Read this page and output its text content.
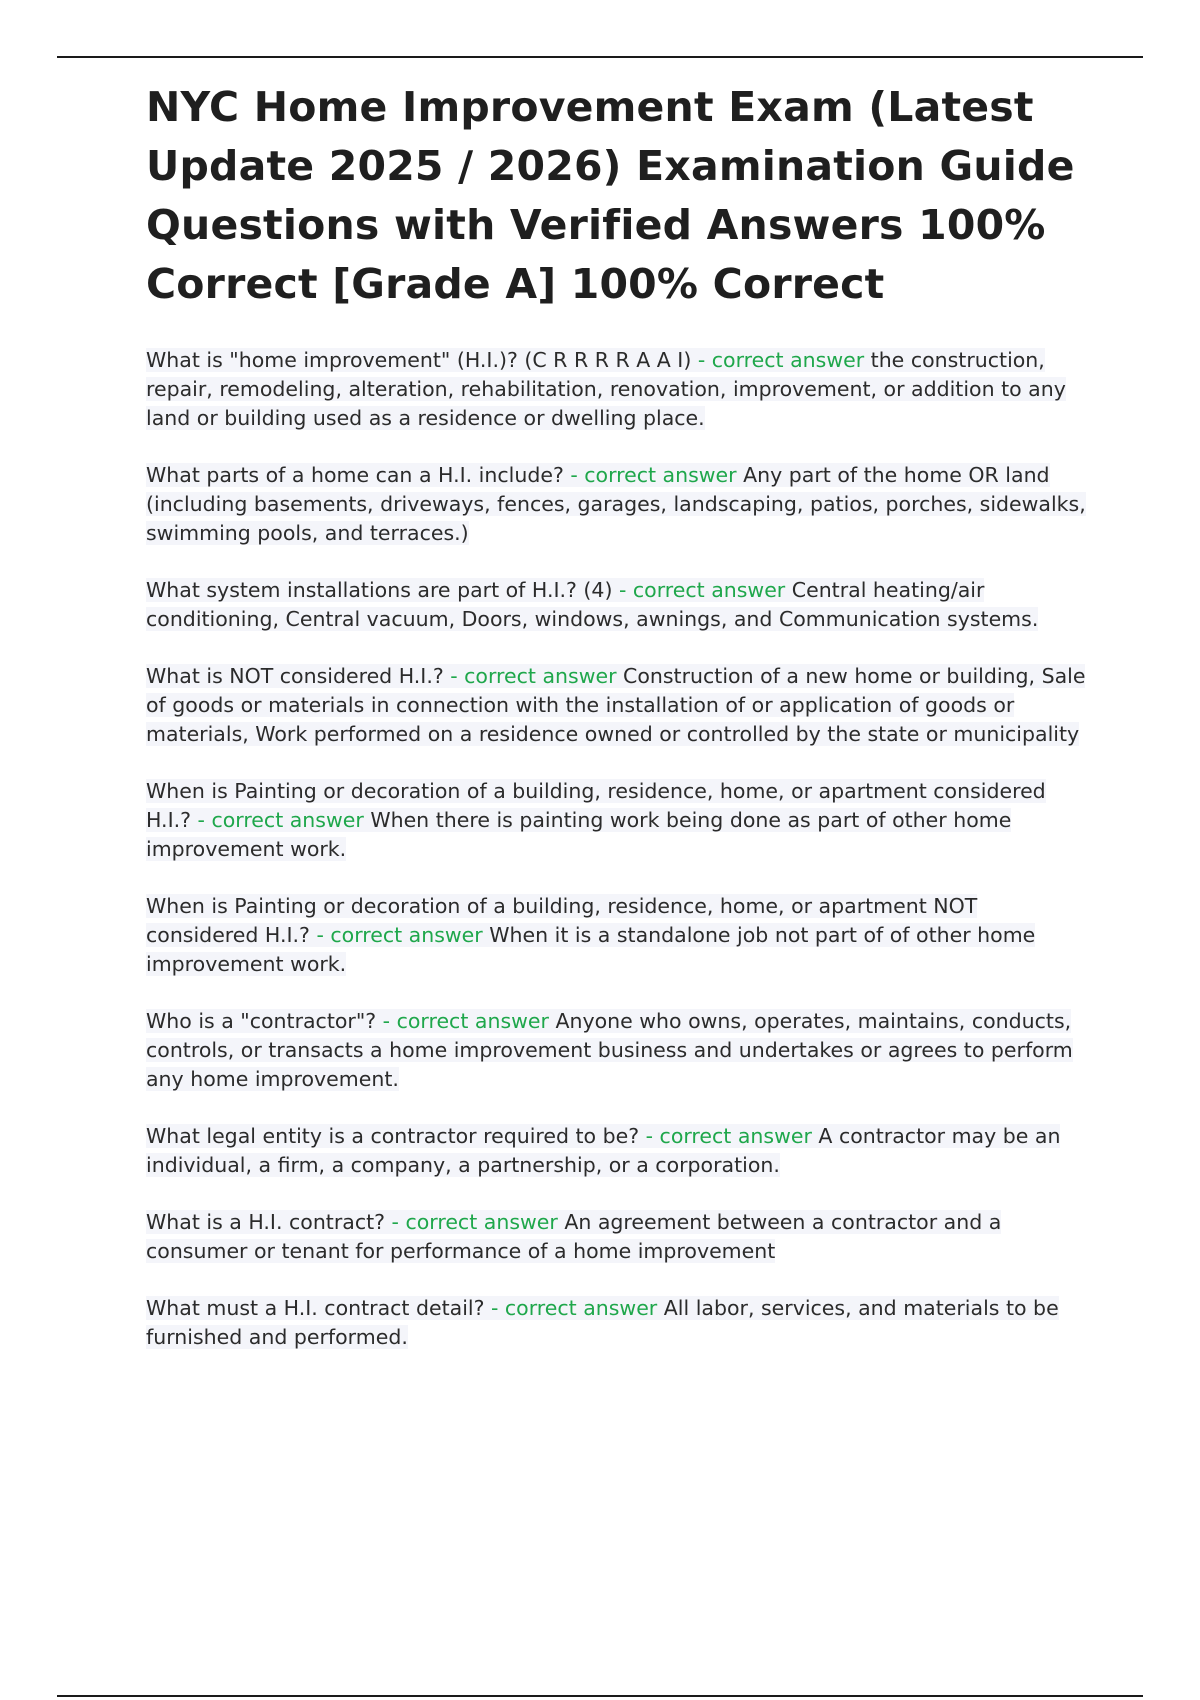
NYC Home Improvement Exam (Latest Update 2025 / 2026) Examination Guide Questions with Verified Answers 100% Correct [Grade A] 100% Correct

What is "home improvement" (H.I.)? (C R R R R A A I) - correct answer the construction, repair, remodeling, alteration, rehabilitation, renovation, improvement, or addition to any land or building used as a residence or dwelling place.

What parts of a home can a H.I. include? - correct answer Any part of the home OR land (including basements, driveways, fences, garages, landscaping, patios, porches, sidewalks, swimming pools, and terraces.)

What system installations are part of H.I.? (4) - correct answer Central heating/air conditioning, Central vacuum, Doors, windows, awnings, and Communication systems.

What is NOT considered H.I.? - correct answer Construction of a new home or building, Sale of goods or materials in connection with the installation of or application of goods or materials, Work performed on a residence owned or controlled by the state or municipality

When is Painting or decoration of a building, residence, home, or apartment considered H.I.? - correct answer When there is painting work being done as part of other home improvement work.

When is Painting or decoration of a building, residence, home, or apartment NOT considered H.I.? - correct answer When it is a standalone job not part of of other home improvement work.

Who is a "contractor"? - correct answer Anyone who owns, operates, maintains, conducts, controls, or transacts a home improvement business and undertakes or agrees to perform any home improvement.

What legal entity is a contractor required to be? - correct answer A contractor may be an individual, a firm, a company, a partnership, or a corporation.

What is a H.I. contract? - correct answer An agreement between a contractor and a consumer or tenant for performance of a home improvement

What must a H.I. contract detail? - correct answer All labor, services, and materials to be furnished and performed.
